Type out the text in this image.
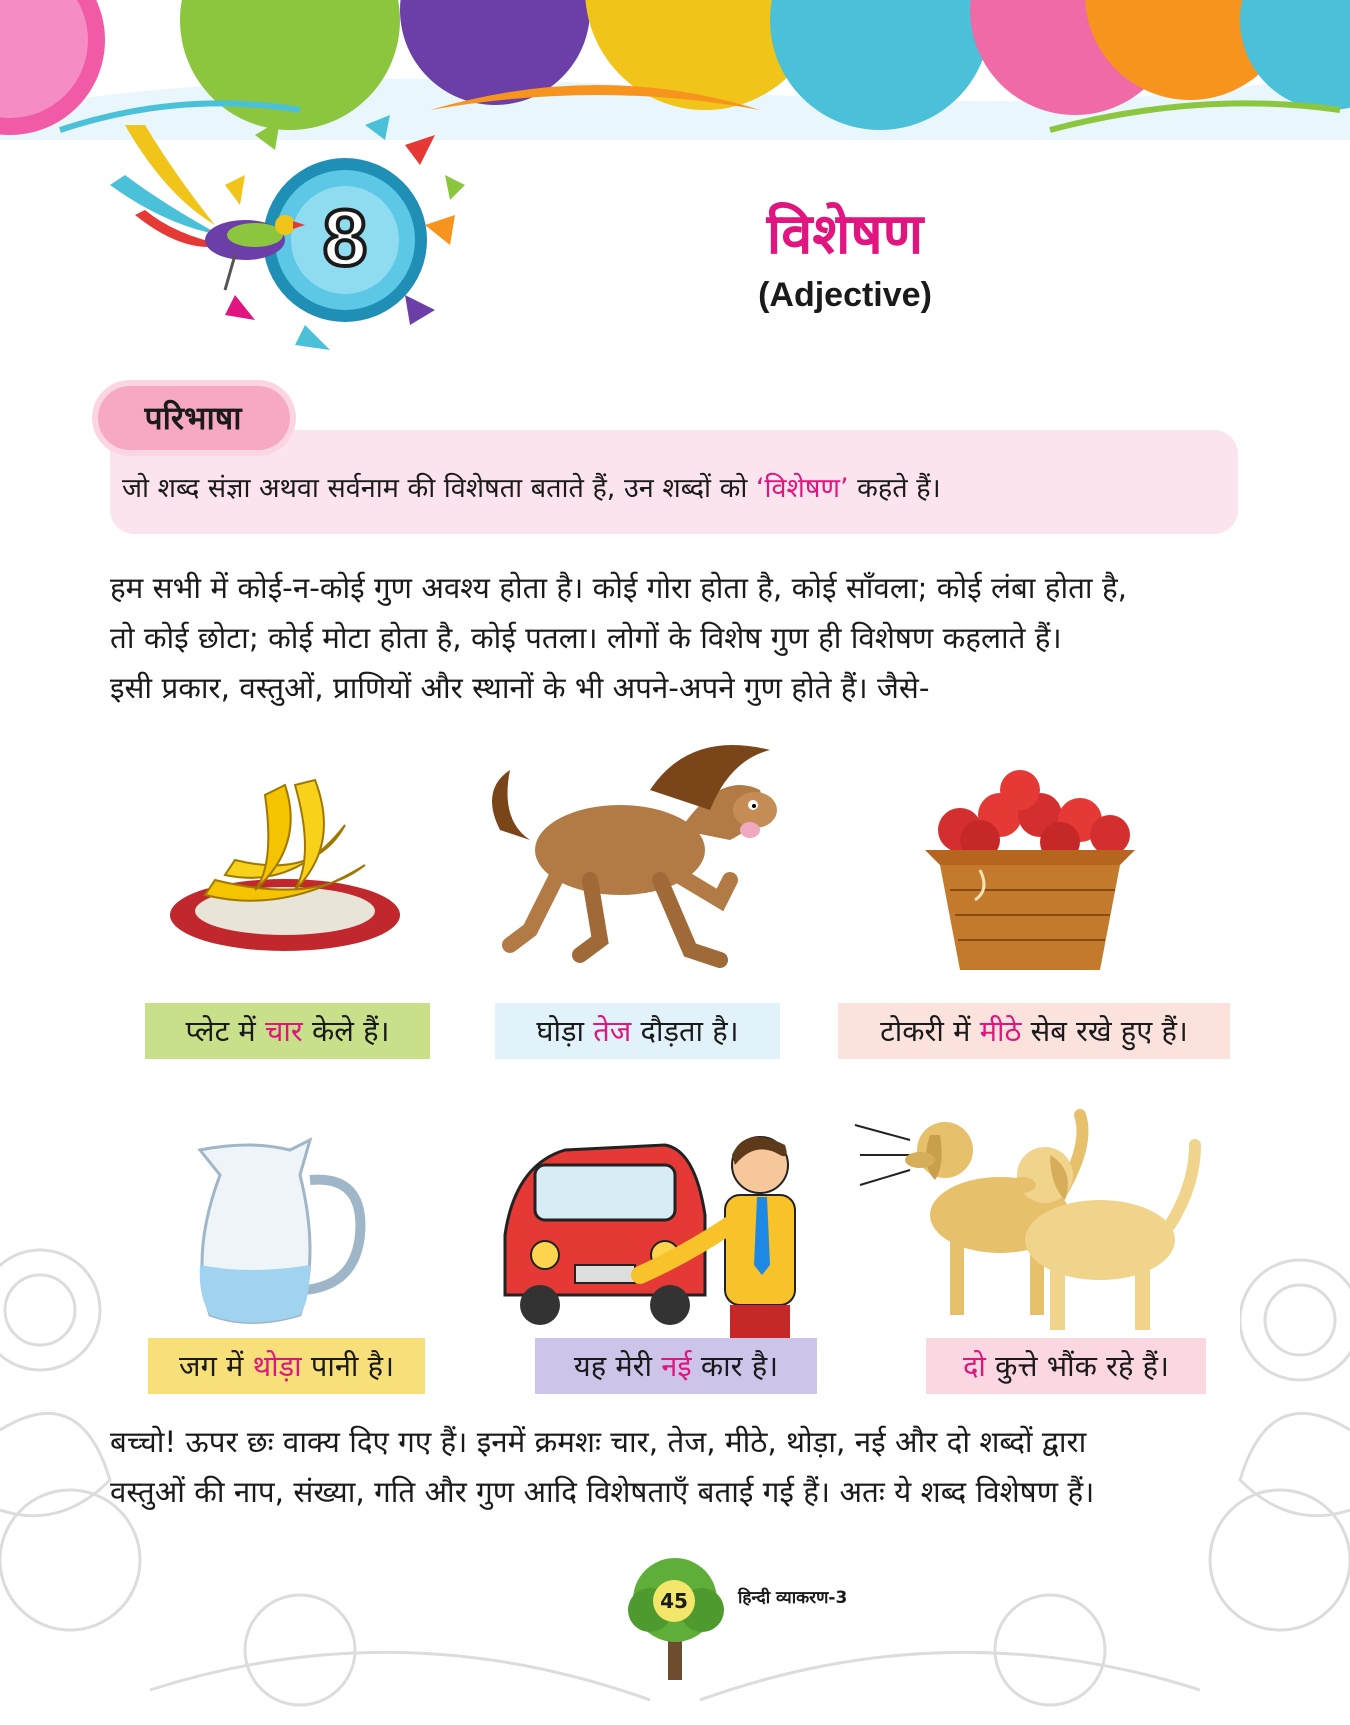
8	विशेषण
(Adjective)
परिभाषा
जो शब्द संज्ञा अथवा सर्वनाम की विशेषता बताते हैं, उन शब्दों को ‘विशेषण’ कहते हैं।
हम सभी में कोई-न-कोई गुण अवश्य होता है। कोई गोरा होता है, कोई साँवला; कोई लंबा होता है,
तो कोई छोटा; कोई मोटा होता है, कोई पतला। लोगों के विशेष गुण ही विशेषण कहलाते हैं।
इसी प्रकार, वस्तुओं, प्राणियों और स्थानों के भी अपने-अपने गुण होते हैं। जैसे-
प्लेट में चार केले हैं।	घोड़ा तेज दौड़ता है।	टोकरी में मीठे सेब रखे हुए हैं।
जग में थोड़ा पानी है।	यह मेरी नई कार है।	दो कुत्ते भौंक रहे हैं।
बच्चो! ऊपर छः वाक्य दिए गए हैं। इनमें क्रमशः चार, तेज, मीठे, थोड़ा, नई और दो शब्दों द्वारा
वस्तुओं की नाप, संख्या, गति और गुण आदि विशेषताएँ बताई गई हैं। अतः ये शब्द विशेषण हैं।
45	हिन्दी व्याकरण-3
